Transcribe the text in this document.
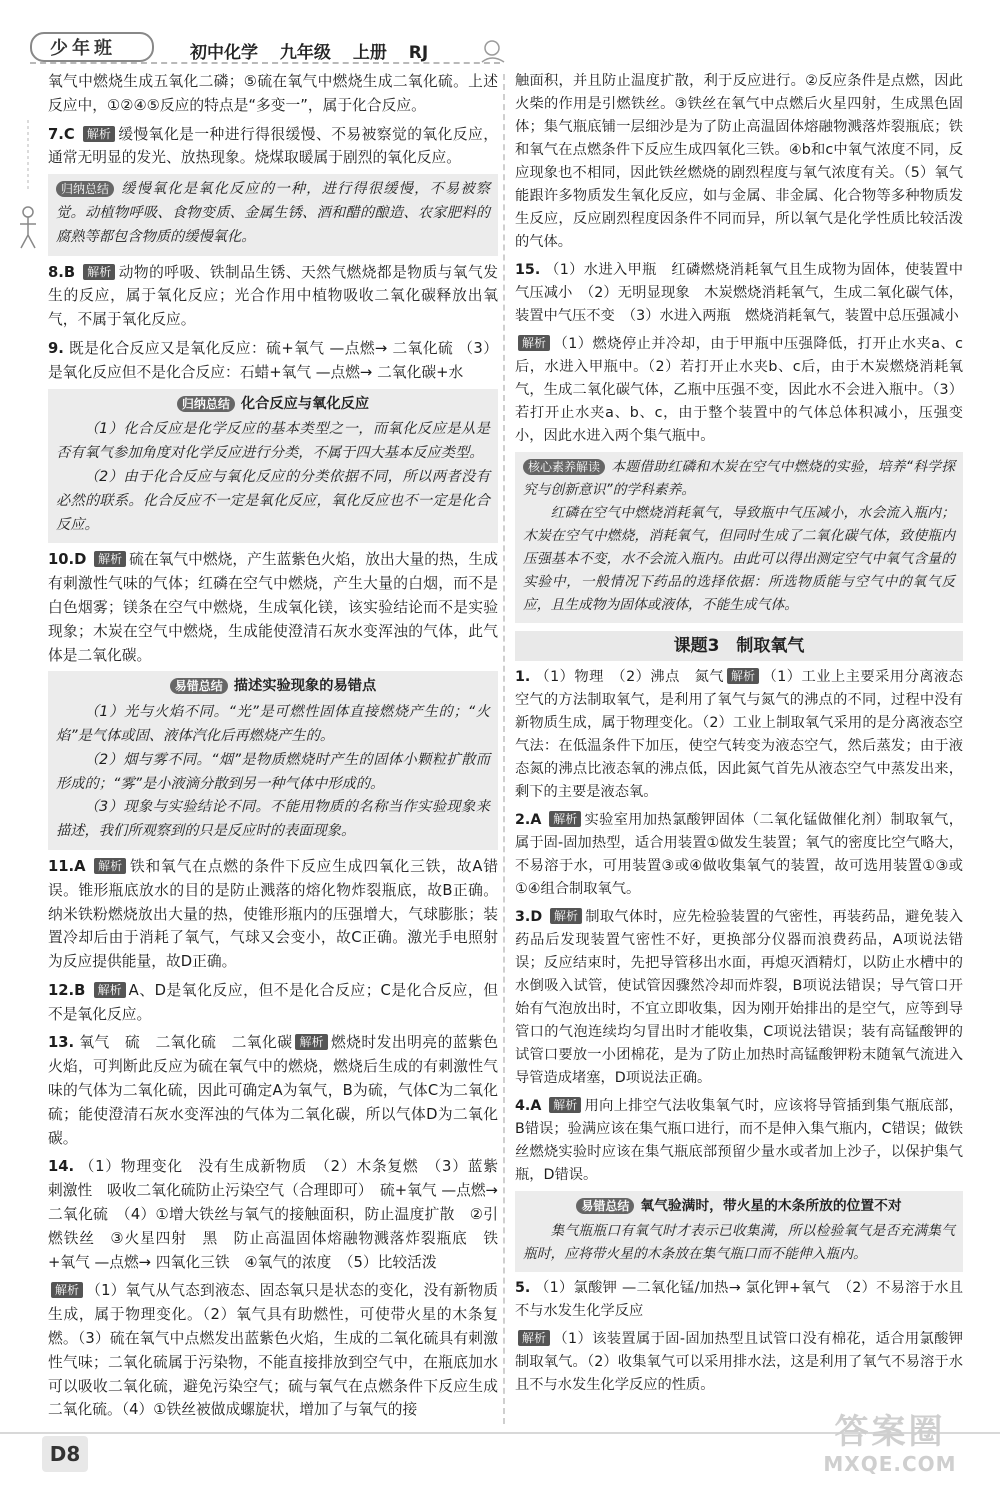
少年班	初中化学 九年级 上册 RJ

氧气中燃烧生成五氧化二磷；⑤硫在氧气中燃烧生成二氧化硫。上述反应中，①②④⑤反应的特点是“多变一”，属于化合反应。

7.C 解析 缓慢氧化是一种进行得很缓慢、不易被察觉的氧化反应，通常无明显的发光、放热现象。烧煤取暖属于剧烈的氧化反应。

归纳总结 缓慢氧化是氧化反应的一种，进行得很缓慢，不易被察觉。动植物呼吸、食物变质、金属生锈、酒和醋的酿造、农家肥料的腐熟等都包含物质的缓慢氧化。

8.B 解析 动物的呼吸、铁制品生锈、天然气燃烧都是物质与氧气发生的反应，属于氧化反应；光合作用中植物吸收二氧化碳释放出氧气，不属于氧化反应。

9. 既是化合反应又是氧化反应：硫+氧气 —点燃→ 二氧化硫 （3）是氧化反应但不是化合反应：石蜡+氧气 —点燃→ 二氧化碳+水

归纳总结 化合反应与氧化反应

（1）化合反应是化学反应的基本类型之一，而氧化反应是从是否有氧气参加角度对化学反应进行分类，不属于四大基本反应类型。

（2）由于化合反应与氧化反应的分类依据不同，所以两者没有必然的联系。化合反应不一定是氧化反应，氧化反应也不一定是化合反应。

10.D 解析 硫在氧气中燃烧，产生蓝紫色火焰，放出大量的热，生成有刺激性气味的气体；红磷在空气中燃烧，产生大量的白烟，而不是白色烟雾；镁条在空气中燃烧，生成氧化镁，该实验结论而不是实验现象；木炭在空气中燃烧，生成能使澄清石灰水变浑浊的气体，此气体是二氧化碳。

易错总结 描述实验现象的易错点

（1）光与火焰不同。“光”是可燃性固体直接燃烧产生的；“火焰”是气体或固、液体汽化后再燃烧产生的。

（2）烟与雾不同。“烟”是物质燃烧时产生的固体小颗粒扩散而形成的；“雾”是小液滴分散到另一种气体中形成的。

（3）现象与实验结论不同。不能用物质的名称当作实验现象来描述，我们所观察到的只是反应时的表面现象。

11.A 解析 铁和氧气在点燃的条件下反应生成四氧化三铁，故A错误。锥形瓶底放水的目的是防止溅落的熔化物炸裂瓶底，故B正确。纳米铁粉燃烧放出大量的热，使锥形瓶内的压强增大，气球膨胀；装置冷却后由于消耗了氧气，气球又会变小，故C正确。激光手电照射为反应提供能量，故D正确。

12.B 解析 A、D是氧化反应，但不是化合反应；C是化合反应，但不是氧化反应。

13. 氧气　硫　二氧化硫　二氧化碳 解析 燃烧时发出明亮的蓝紫色火焰，可判断此反应为硫在氧气中的燃烧，燃烧后生成的有刺激性气味的气体为二氧化硫，因此可确定A为氧气，B为硫，气体C为二氧化硫；能使澄清石灰水变浑浊的气体为二氧化碳，所以气体D为二氧化碳。

14. （1）物理变化　没有生成新物质　（2）木条复燃　（3）蓝紫　刺激性　吸收二氧化硫防止污染空气（合理即可）　硫+氧气 —点燃→ 二氧化硫　（4）①增大铁丝与氧气的接触面积，防止温度扩散　②引燃铁丝　③火星四射　黑　防止高温固体熔融物溅落炸裂瓶底　铁+氧气 —点燃→ 四氧化三铁　④氧气的浓度　（5）比较活泼

解析 （1）氧气从气态到液态、固态氧只是状态的变化，没有新物质生成，属于物理变化。（2）氧气具有助燃性，可使带火星的木条复燃。（3）硫在氧气中点燃发出蓝紫色火焰，生成的二氧化硫具有刺激性气味；二氧化硫属于污染物，不能直接排放到空气中，在瓶底加水可以吸收二氧化硫，避免污染空气；硫与氧气在点燃条件下反应生成二氧化硫。（4）①铁丝被做成螺旋状，增加了与氧气的接

触面积，并且防止温度扩散，利于反应进行。②反应条件是点燃，因此火柴的作用是引燃铁丝。③铁丝在氧气中点燃后火星四射，生成黑色固体；集气瓶底铺一层细沙是为了防止高温固体熔融物溅落炸裂瓶底；铁和氧气在点燃条件下反应生成四氧化三铁。④b和c中氧气浓度不同，反应现象也不相同，因此铁丝燃烧的剧烈程度与氧气浓度有关。（5）氧气能跟许多物质发生氧化反应，如与金属、非金属、化合物等多种物质发生反应，反应剧烈程度因条件不同而异，所以氧气是化学性质比较活泼的气体。

15. （1）水进入甲瓶　红磷燃烧消耗氧气且生成物为固体，使装置中气压减小　（2）无明显现象　木炭燃烧消耗氧气，生成二氧化碳气体，装置中气压不变　（3）水进入两瓶　燃烧消耗氧气，装置中总压强减小

解析 （1）燃烧停止并冷却，由于甲瓶中压强降低，打开止水夹a、c后，水进入甲瓶中。（2）若打开止水夹b、c后，由于木炭燃烧消耗氧气，生成二氧化碳气体，乙瓶中压强不变，因此水不会进入瓶中。（3）若打开止水夹a、b、c，由于整个装置中的气体总体积减小，压强变小，因此水进入两个集气瓶中。

核心素养解读 本题借助红磷和木炭在空气中燃烧的实验，培养“科学探究与创新意识”的学科素养。

红磷在空气中燃烧消耗氧气，导致瓶中气压减小，水会流入瓶内；木炭在空气中燃烧，消耗氧气，但同时生成了二氧化碳气体，致使瓶内压强基本不变，水不会流入瓶内。由此可以得出测定空气中氧气含量的实验中，一般情况下药品的选择依据：所选物质能与空气中的氧气反应，且生成物为固体或液体，不能生成气体。

课题3　制取氧气

1. （1）物理　（2）沸点　氮气 解析 （1）工业上主要采用分离液态空气的方法制取氧气，是利用了氧气与氮气的沸点的不同，过程中没有新物质生成，属于物理变化。（2）工业上制取氧气采用的是分离液态空气法：在低温条件下加压，使空气转变为液态空气，然后蒸发；由于液态氮的沸点比液态氧的沸点低，因此氮气首先从液态空气中蒸发出来，剩下的主要是液态氧。

2.A 解析 实验室用加热氯酸钾固体（二氧化锰做催化剂）制取氧气，属于固-固加热型，适合用装置①做发生装置；氧气的密度比空气略大，不易溶于水，可用装置③或④做收集氧气的装置，故可选用装置①③或①④组合制取氧气。

3.D 解析 制取气体时，应先检验装置的气密性，再装药品，避免装入药品后发现装置气密性不好，更换部分仪器而浪费药品，A项说法错误；反应结束时，先把导管移出水面，再熄灭酒精灯，以防止水槽中的水倒吸入试管，使试管因骤然冷却而炸裂，B项说法错误；导气管口开始有气泡放出时，不宜立即收集，因为刚开始排出的是空气，应等到导管口的气泡连续均匀冒出时才能收集，C项说法错误；装有高锰酸钾的试管口要放一小团棉花，是为了防止加热时高锰酸钾粉末随氧气流进入导管造成堵塞，D项说法正确。

4.A 解析 用向上排空气法收集氧气时，应该将导管插到集气瓶底部，B错误；验满应该在集气瓶口进行，而不是伸入集气瓶内，C错误；做铁丝燃烧实验时应该在集气瓶底部预留少量水或者加上沙子，以保护集气瓶，D错误。

易错总结 氧气验满时，带火星的木条所放的位置不对

集气瓶瓶口有氧气时才表示已收集满，所以检验氧气是否充满集气瓶时，应将带火星的木条放在集气瓶口而不能伸入瓶内。

5. （1）氯酸钾 —二氧化锰/加热→ 氯化钾+氧气　（2）不易溶于水且不与水发生化学反应

解析 （1）该装置属于固-固加热型且试管口没有棉花，适合用氯酸钾制取氧气。（2）收集氧气可以采用排水法，这是利用了氧气不易溶于水且不与水发生化学反应的性质。

D8
答案圈
MXQE.COM
